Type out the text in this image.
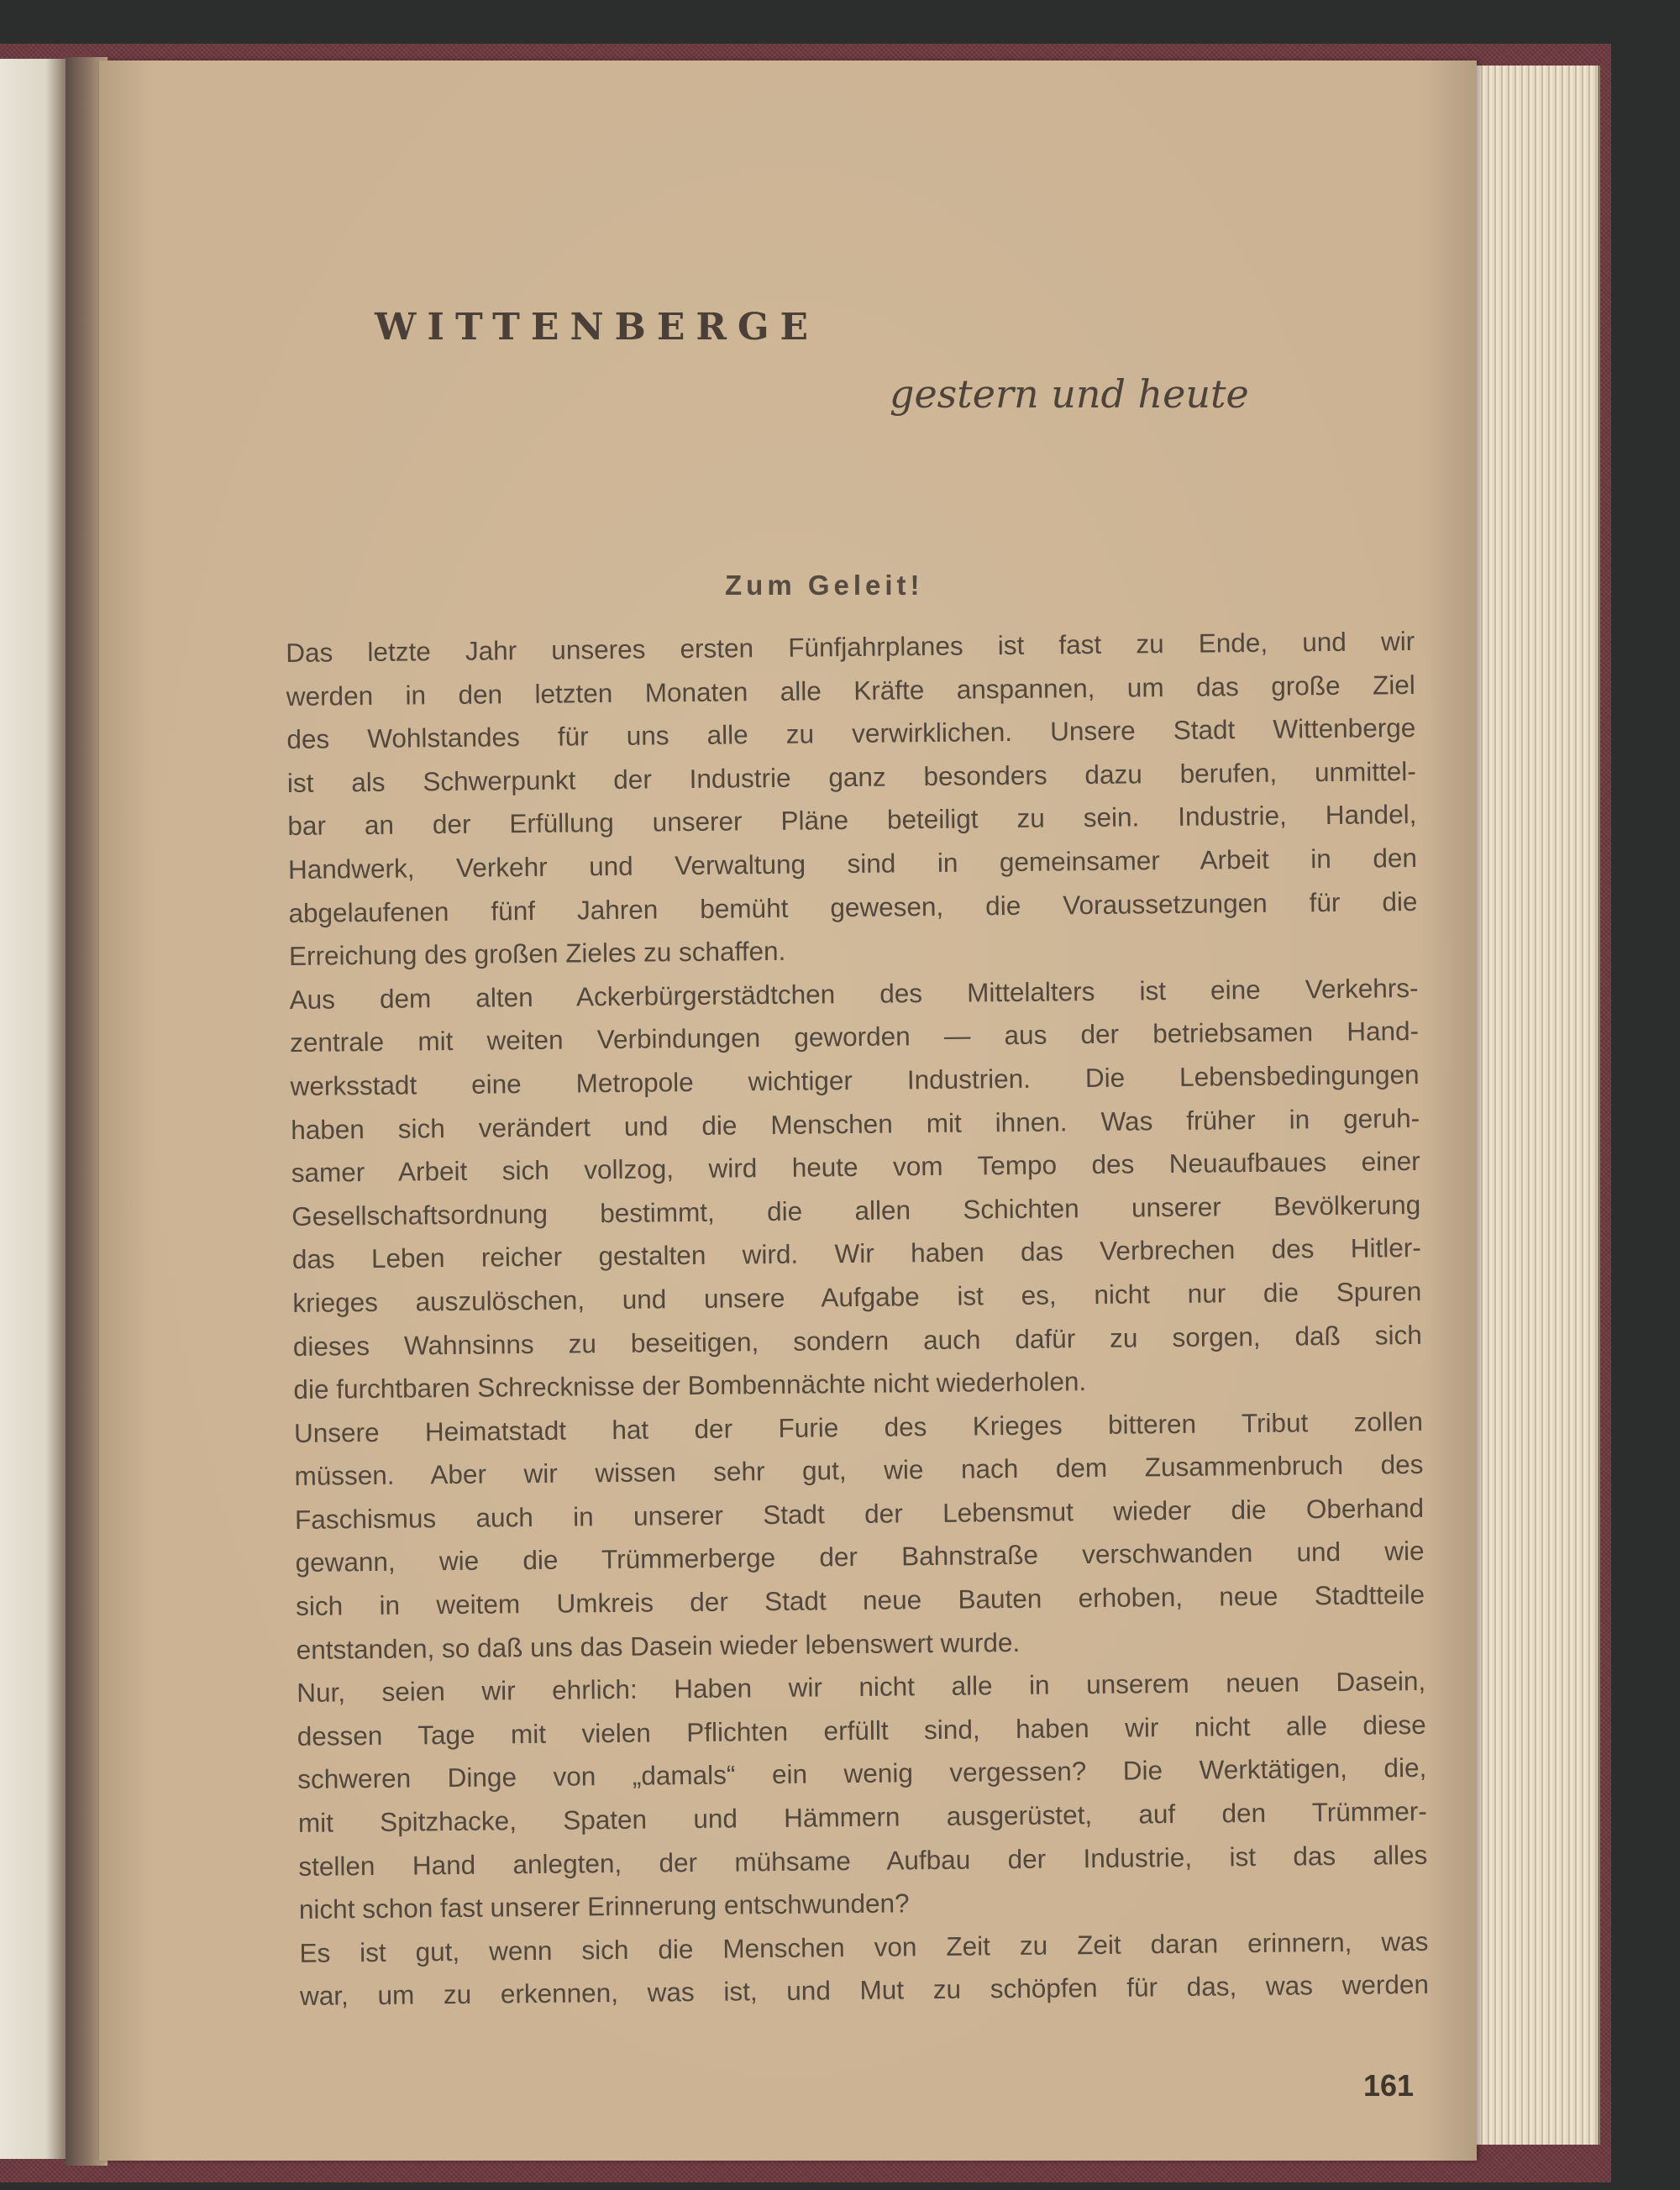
WITTENBERGE

gestern und heute

Zum Geleit!
Das letzte Jahr unseres ersten Fünfjahrplanes ist fast zu Ende, und wir
werden in den letzten Monaten alle Kräfte anspannen, um das große Ziel
des Wohlstandes für uns alle zu verwirklichen. Unsere Stadt Wittenberge
ist als Schwerpunkt der Industrie ganz besonders dazu berufen, unmittel-
bar an der Erfüllung unserer Pläne beteiligt zu sein. Industrie, Handel,
Handwerk, Verkehr und Verwaltung sind in gemeinsamer Arbeit in den
abgelaufenen fünf Jahren bemüht gewesen, die Voraussetzungen für die
Erreichung des großen Zieles zu schaffen.
Aus dem alten Ackerbürgerstädtchen des Mittelalters ist eine Verkehrs-
zentrale mit weiten Verbindungen geworden — aus der betriebsamen Hand-
werksstadt eine Metropole wichtiger Industrien. Die Lebensbedingungen
haben sich verändert und die Menschen mit ihnen. Was früher in geruh-
samer Arbeit sich vollzog, wird heute vom Tempo des Neuaufbaues einer
Gesellschaftsordnung bestimmt, die allen Schichten unserer Bevölkerung
das Leben reicher gestalten wird. Wir haben das Verbrechen des Hitler-
krieges auszulöschen, und unsere Aufgabe ist es, nicht nur die Spuren
dieses Wahnsinns zu beseitigen, sondern auch dafür zu sorgen, daß sich
die furchtbaren Schrecknisse der Bombennächte nicht wiederholen.
Unsere Heimatstadt hat der Furie des Krieges bitteren Tribut zollen
müssen. Aber wir wissen sehr gut, wie nach dem Zusammenbruch des
Faschismus auch in unserer Stadt der Lebensmut wieder die Oberhand
gewann, wie die Trümmerberge der Bahnstraße verschwanden und wie
sich in weitem Umkreis der Stadt neue Bauten erhoben, neue Stadtteile
entstanden, so daß uns das Dasein wieder lebenswert wurde.
Nur, seien wir ehrlich: Haben wir nicht alle in unserem neuen Dasein,
dessen Tage mit vielen Pflichten erfüllt sind, haben wir nicht alle diese
schweren Dinge von „damals“ ein wenig vergessen? Die Werktätigen, die,
mit Spitzhacke, Spaten und Hämmern ausgerüstet, auf den Trümmer-
stellen Hand anlegten, der mühsame Aufbau der Industrie, ist das alles
nicht schon fast unserer Erinnerung entschwunden?
Es ist gut, wenn sich die Menschen von Zeit zu Zeit daran erinnern, was
war, um zu erkennen, was ist, und Mut zu schöpfen für das, was werden
161
